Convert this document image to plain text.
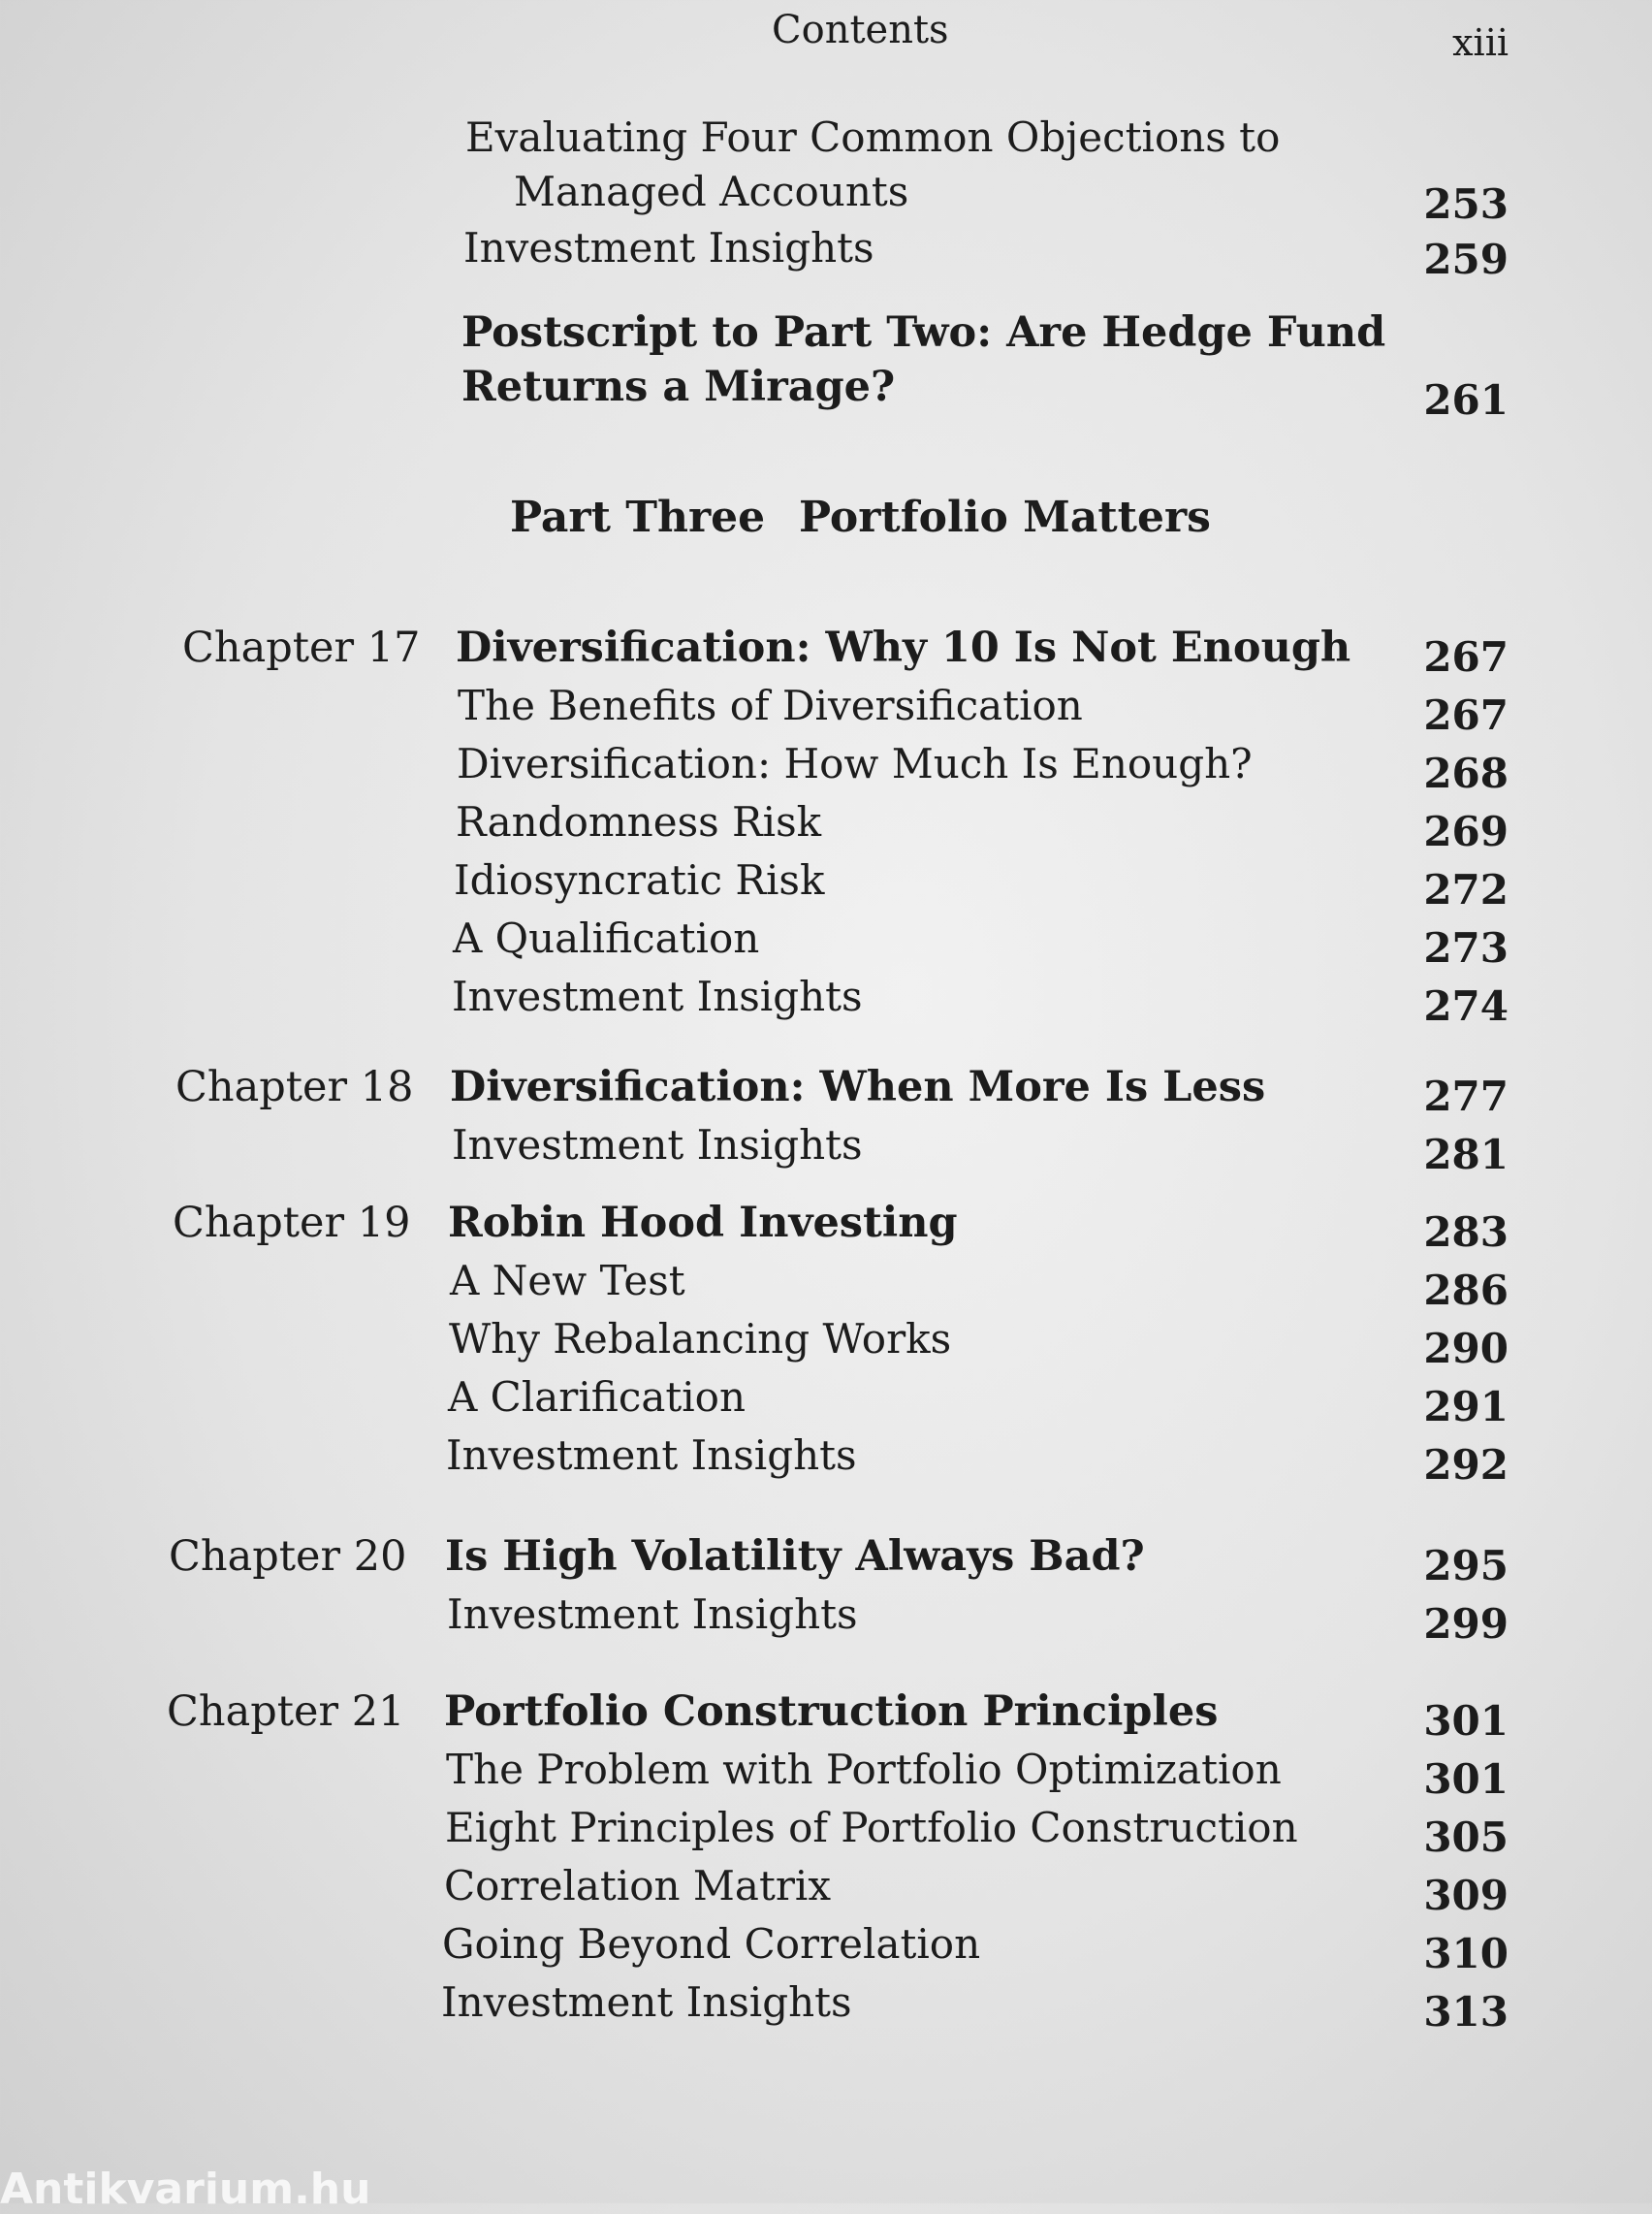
Contents	xiii
Evaluating Four Common Objections to
Managed Accounts	253
Investment Insights	259
Postscript to Part Two: Are Hedge Fund
Returns a Mirage?	261
Part Three Portfolio Matters
Chapter 17 Diversification: Why 10 Is Not Enough 267
The Benefits of Diversification	267
Diversification: How Much Is Enough?	268
Randomness Risk	269
Idiosyncratic Risk	272
A Qualification	273
Investment Insights	274
Chapter 18 Diversification: When More Is Less	277
Investment Insights	281
Chapter 19 Robin Hood Investing	283
A New Test	286
Why Rebalancing Works	290
A Clarification	291
Investment Insights	292
Chapter 20 Is High Volatility Always Bad?	295
Investment Insights	299
Chapter 21 Portfolio Construction Principles	301
The Problem with Portfolio Optimization	301
Eight Principles of Portfolio Construction	305
Correlation Matrix	309
Going Beyond Correlation	310
Investment Insights	313
Antikvarium.hu
